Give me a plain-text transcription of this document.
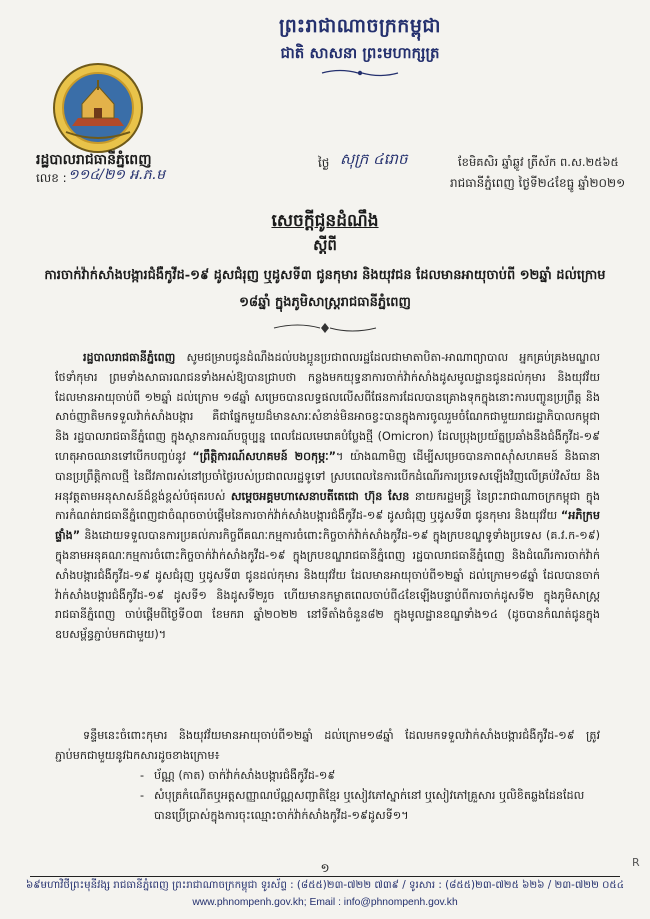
ព្រះរាជាណាចក្រកម្ពុជា
ជាតិ សាសនា ព្រះមហាក្សត្រ
រដ្ឋបាលរាជធានីភ្នំពេញ
លេខ : ១១៤/២១ អ.ភ.ម
ថ្ងៃ សុក្រ ៤រោច	ខែមិគសិរ ឆ្នាំឆ្លូវ ត្រីស័ក ព.ស.២៥៦៥
រាជធានីភ្នំពេញ ថ្ងៃទី២៤ខែធ្នូ ឆ្នាំ២០២១
សេចក្តីជូនដំណឹង
ស្តីពី
ការចាក់វ៉ាក់សាំងបង្ការជំងឺកូវីដ-១៩ ដូសជំរុញ ឬដូសទី៣ ជូនកុមារ និងយុវជន ដែលមានអាយុចាប់ពី ១២ឆ្នាំ ដល់ក្រោម ១៨ឆ្នាំ ក្នុងភូមិសាស្ត្ររាជធានីភ្នំពេញ
រដ្ឋបាលរាជធានីភ្នំពេញ សូមជម្រាបជូនដំណឹងដល់បងប្អូនប្រជាពលរដ្ឋដែលជាមាតាបិតា-អាណាព្យាបាល អ្នកគ្រប់គ្រងមណ្ឌលថែទាំកុមារ ព្រមទាំងសាធារណជនទាំងអស់ឱ្យបានជ្រាបថា កន្លងមកយុទ្ធនាការចាក់វ៉ាក់សាំងដូសមូលដ្ឋានជូនដល់កុមារ និងយុវវ័យ ដែលមានអាយុចាប់ពី ១២ឆ្នាំ ដល់ក្រោម ១៨ឆ្នាំ សម្រេចបានលទ្ធផលលើសពីផែនការដែលបានគ្រោងទុកក្នុងនោះការបញ្ចូនប្រព្រឹត្ត និងសាច់ញាតិមកទទួលវ៉ាក់សាំងបង្ការ គឺជាផ្នែកមួយដ៏មានសារៈសំខាន់មិនអាចខ្វះបានក្នុងការចូលរួមចំណែកជាមួយរាជរដ្ឋាភិបាលកម្ពុជា និង រដ្ឋបាលរាជធានីភ្នំពេញ ក្នុងស្ថានការណ៍បច្ចុប្បន្ន ពេលដែលមេរោគបំប្លែងថ្មី (Omicron) ដែលប្រុងប្រយ័ត្នប្រឆាំងនឹងជំងឺកូវីដ-១៩ ហេតុអាចឈានទៅបើកបញ្ចប់នូវ “ព្រឹត្តិការណ៍សហគមន៍ ២០កុម្ភៈ”។ យ៉ាងណាមិញ ដើម្បីសម្រេចបានភាពស៊ាំសហគមន៍ និងធានាបានប្រព្រឹត្តិកាលថ្មី នៃជីវភាពរស់នៅប្រចាំថ្ងៃរបស់ប្រជាពលរដ្ឋទូទៅ ស្របពេលនៃការបើកដំណើរការប្រទេសឡើងវិញលើគ្រប់វិស័យ និងអនុវត្តតាមអនុសាសន៍ដ៏ខ្ពង់ខ្ពស់បំផុតរបស់ សម្តេចអគ្គមហាសេនាបតីតេជោ ហ៊ុន សែន នាយករដ្ឋមន្ត្រី នៃព្រះរាជាណាចក្រកម្ពុជា ក្នុងការកំណត់រាជធានីភ្នំពេញជាចំណុចចាប់ផ្តើមនៃការចាក់វ៉ាក់សាំងបង្ការជំងឺកូវីដ-១៩ ដូសជំរុញ ឬដូសទី៣ ជូនកុមារ និងយុវវ័យ “អភិក្រមផ្ទាំង” និងដោយទទួលបានការប្រគល់ភារកិច្ចពីគណៈកម្មការចំពោះកិច្ចចាក់វ៉ាក់សាំងកូវីដ-១៩ ក្នុងក្របខណ្ឌទូទាំងប្រទេស (គ.វ.ក-១៩) ក្នុងនាមអនុគណៈកម្មការចំពោះកិច្ចចាក់វ៉ាក់សាំងកូវីដ-១៩ ក្នុងក្របខណ្ឌរាជធានីភ្នំពេញ រដ្ឋបាលរាជធានីភ្នំពេញ និងដំណើរការចាក់វ៉ាក់សាំងបង្ការជំងឺកូវីដ-១៩ ដូសជំរុញ ឬដូសទី៣ ជូនដល់កុមារ និងយុវវ័យ ដែលមានអាយុចាប់ពី១២ឆ្នាំ ដល់ក្រោម១៨ឆ្នាំ ដែលបានចាក់វ៉ាក់សាំងបង្ការជំងឺកូវីដ-១៩ ដូសទី១ និងដូសទី២រួច ហើយមានកម្លាតពេលចាប់ពី៤ខែឡើងបន្ទាប់ពីការចាក់ដូសទី២ ក្នុងភូមិសាស្ត្ររាជធានីភ្នំពេញ ចាប់ផ្តើមពីថ្ងៃទី០៣ ខែមករា ឆ្នាំ២០២២ នៅទីតាំងចំនួន៨២ ក្នុងមូលដ្ឋានខណ្ឌទាំង១៤ (ដូចបានកំណត់ជូនក្នុងឧបសម្ព័ន្ធភ្ជាប់មកជាមួយ)។
ទន្ទឹមនេះចំពោះកុមារ និងយុវវ័យមានអាយុចាប់ពី១២ឆ្នាំ ដល់ក្រោម១៨ឆ្នាំ ដែលមកទទួលវ៉ាក់សាំងបង្ការជំងឺកូវីដ-១៩ ត្រូវភ្ជាប់មកជាមួយនូវឯកសារដូចខាងក្រោម៖
- ប័ណ្ណ (កាត) ចាក់វ៉ាក់សាំងបង្ការជំងឺកូវីដ-១៩
- សំបុត្រកំណើតឬអត្តសញ្ញាណប័ណ្ណសញ្ជាតិខ្មែរ ឬសៀវភៅស្នាក់នៅ ឬសៀវភៅគ្រួសារ ឬលិខិតឆ្លងដែនដែលបានប្រើប្រាស់ក្នុងការចុះឈ្មោះចាក់វ៉ាក់សាំងកូវីដ-១៩ដូសទី១។
១	R
៦៩មហាវិថីព្រះមុនីវង្ស រាជធានីភ្នំពេញ ព្រះរាជាណាចក្រកម្ពុជា ទូរស័ព្ទ : (៨៥៥)២៣-៧២២ ៧៣៩ / ទូរសារ : (៨៥៥)២៣-៧២៥ ៦២៦ / ២៣-៧២២ ០៥៤
www.phnompenh.gov.kh; Email : info@phnompenh.gov.kh
